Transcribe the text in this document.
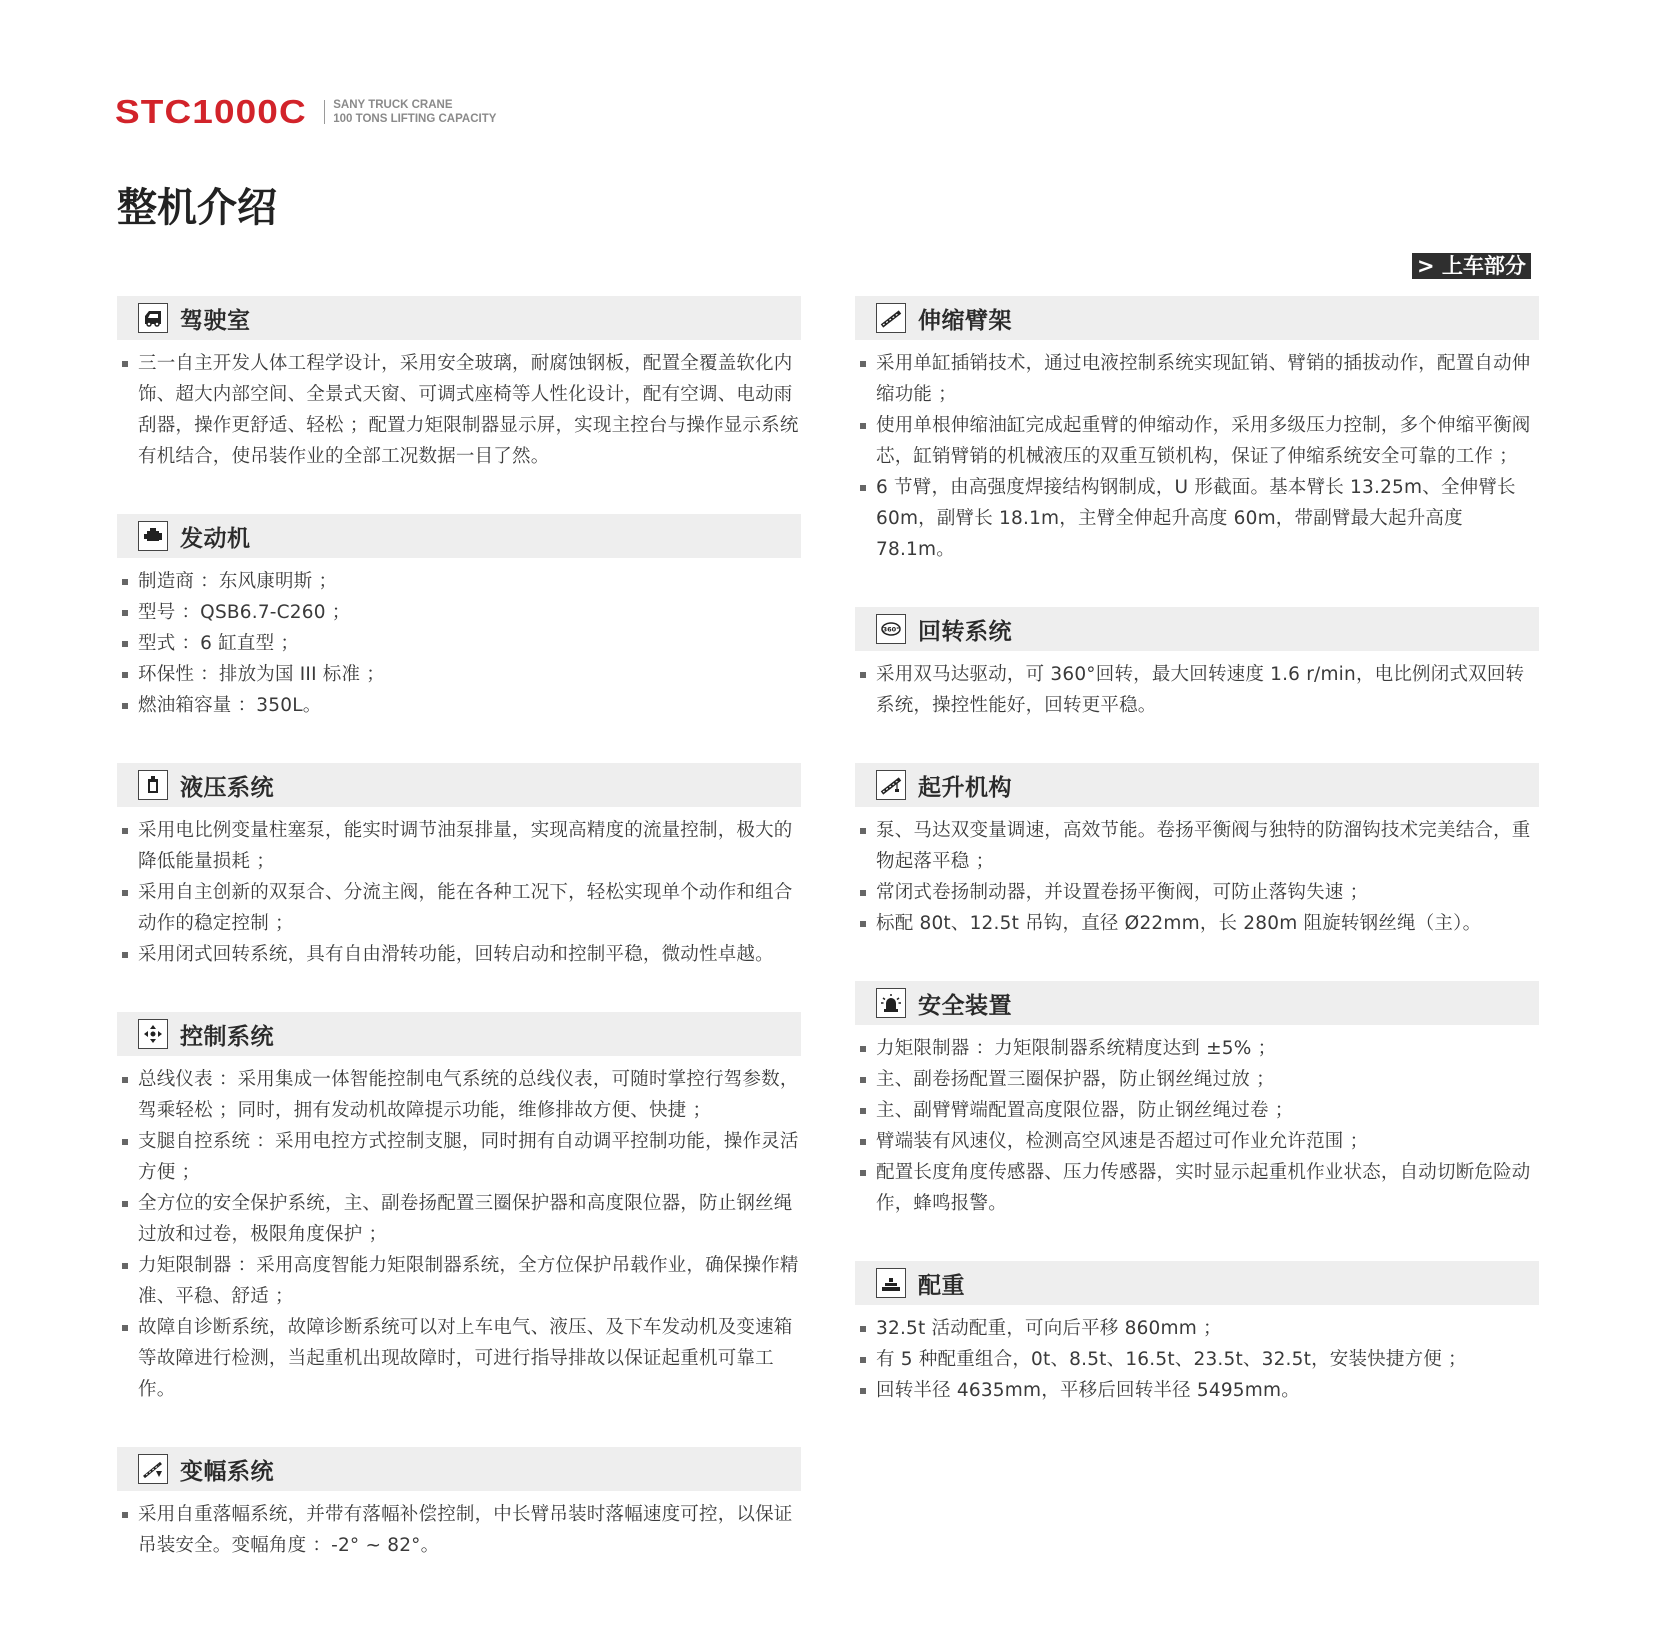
STC1000C SANY TRUCK CRANE
100 TONS LIFTING CAPACITY
整机介绍
> 上车部分
驾驶室
三一自主开发人体工程学设计，采用安全玻璃，耐腐蚀钢板，配置全覆盖软化内饰、超大内部空间、全景式天窗、可调式座椅等人性化设计，配有空调、电动雨刮器，操作更舒适、轻松 ；配置力矩限制器显示屏，实现主控台与操作显示系统有机结合，使吊装作业的全部工况数据一目了然。
发动机
制造商 ：东风康明斯 ；
型号 ：QSB6.7-C260 ；
型式 ：6 缸直型 ；
环保性 ：排放为国 III 标准 ；
燃油箱容量 ：350L。
液压系统
采用电比例变量柱塞泵，能实时调节油泵排量，实现高精度的流量控制，极大的降低能量损耗 ；
采用自主创新的双泵合、分流主阀，能在各种工况下，轻松实现单个动作和组合动作的稳定控制 ；
采用闭式回转系统，具有自由滑转功能，回转启动和控制平稳，微动性卓越。
控制系统
总线仪表 ：采用集成一体智能控制电气系统的总线仪表，可随时掌控行驾参数，驾乘轻松 ；同时，拥有发动机故障提示功能，维修排故方便、快捷 ；
支腿自控系统 ：采用电控方式控制支腿，同时拥有自动调平控制功能，操作灵活方便 ；
全方位的安全保护系统，主、副卷扬配置三圈保护器和高度限位器，防止钢丝绳过放和过卷，极限角度保护 ；
力矩限制器 ：采用高度智能力矩限制器系统，全方位保护吊载作业，确保操作精准、平稳、舒适 ；
故障自诊断系统，故障诊断系统可以对上车电气、液压、及下车发动机及变速箱等故障进行检测，当起重机出现故障时，可进行指导排故以保证起重机可靠工作。
变幅系统
采用自重落幅系统，并带有落幅补偿控制，中长臂吊装时落幅速度可控，以保证吊装安全。变幅角度 ：-2° ~ 82°。
伸缩臂架
采用单缸插销技术，通过电液控制系统实现缸销、臂销的插拔动作，配置自动伸缩功能 ；
使用单根伸缩油缸完成起重臂的伸缩动作，采用多级压力控制，多个伸缩平衡阀芯，缸销臂销的机械液压的双重互锁机构，保证了伸缩系统安全可靠的工作 ；
6 节臂，由高强度焊接结构钢制成，U 形截面。基本臂长 13.25m、全伸臂长 60m，副臂长 18.1m，主臂全伸起升高度 60m，带副臂最大起升高度 78.1m。
360° 回转系统
采用双马达驱动，可 360°回转，最大回转速度 1.6 r/min，电比例闭式双回转系统，操控性能好，回转更平稳。
起升机构
泵、马达双变量调速，高效节能。卷扬平衡阀与独特的防溜钩技术完美结合，重物起落平稳 ；
常闭式卷扬制动器，并设置卷扬平衡阀，可防止落钩失速 ；
标配 80t、12.5t 吊钩，直径 Ø22mm，长 280m 阻旋转钢丝绳（主）。
安全装置
力矩限制器 ：力矩限制器系统精度达到 ±5% ；
主、副卷扬配置三圈保护器，防止钢丝绳过放 ；
主、副臂臂端配置高度限位器，防止钢丝绳过卷 ；
臂端装有风速仪，检测高空风速是否超过可作业允许范围 ；
配置长度角度传感器、压力传感器，实时显示起重机作业状态，自动切断危险动作，蜂鸣报警。
配重
32.5t 活动配重，可向后平移 860mm ；
有 5 种配重组合，0t、8.5t、16.5t、23.5t、32.5t，安装快捷方便 ；
回转半径 4635mm，平移后回转半径 5495mm。
